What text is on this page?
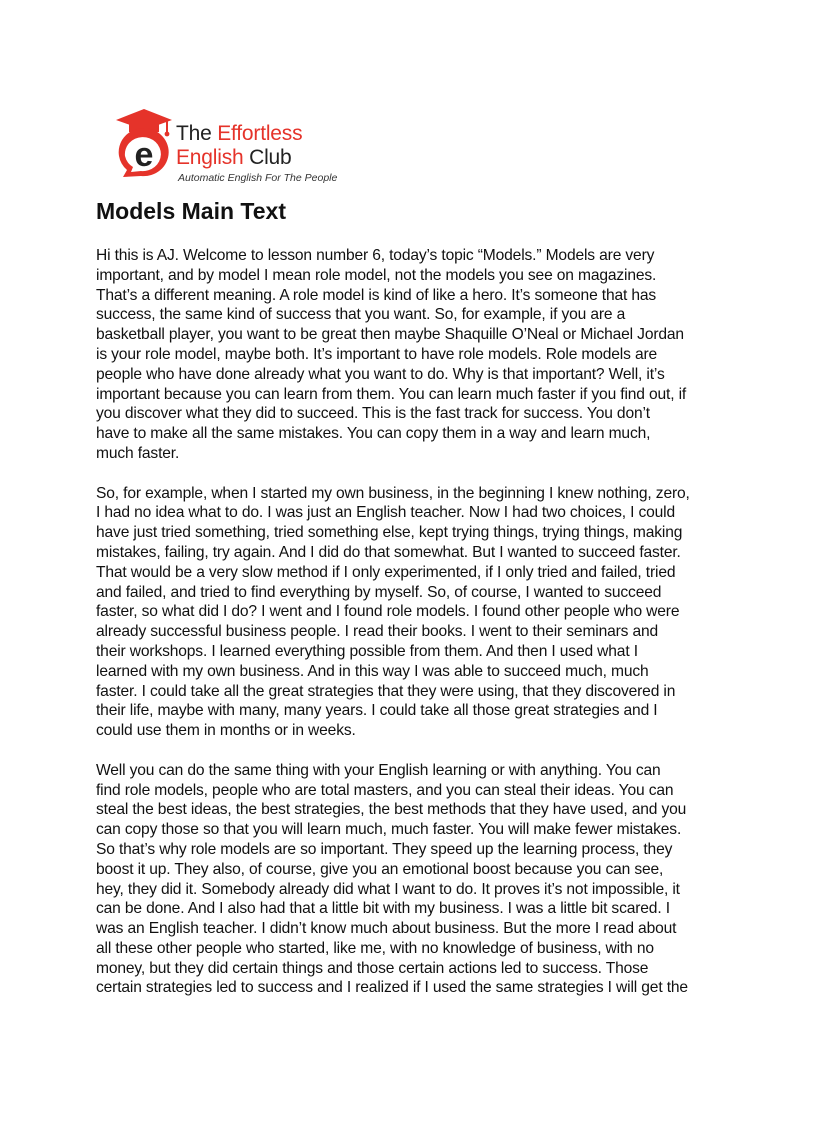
e
The Effortless
English Club
Automatic English For The People
Models Main Text

Hi this is AJ. Welcome to lesson number 6, today’s topic “Models.” Models are very
important, and by model I mean role model, not the models you see on magazines.
That’s a different meaning. A role model is kind of like a hero. It’s someone that has
success, the same kind of success that you want. So, for example, if you are a
basketball player, you want to be great then maybe Shaquille O’Neal or Michael Jordan
is your role model, maybe both. It’s important to have role models. Role models are
people who have done already what you want to do. Why is that important? Well, it’s
important because you can learn from them. You can learn much faster if you find out, if
you discover what they did to succeed. This is the fast track for success. You don’t
have to make all the same mistakes. You can copy them in a way and learn much,
much faster.

So, for example, when I started my own business, in the beginning I knew nothing, zero,
I had no idea what to do. I was just an English teacher. Now I had two choices, I could
have just tried something, tried something else, kept trying things, trying things, making
mistakes, failing, try again. And I did do that somewhat. But I wanted to succeed faster.
That would be a very slow method if I only experimented, if I only tried and failed, tried
and failed, and tried to find everything by myself. So, of course, I wanted to succeed
faster, so what did I do? I went and I found role models. I found other people who were
already successful business people. I read their books. I went to their seminars and
their workshops. I learned everything possible from them. And then I used what I
learned with my own business. And in this way I was able to succeed much, much
faster. I could take all the great strategies that they were using, that they discovered in
their life, maybe with many, many years. I could take all those great strategies and I
could use them in months or in weeks.

Well you can do the same thing with your English learning or with anything. You can
find role models, people who are total masters, and you can steal their ideas. You can
steal the best ideas, the best strategies, the best methods that they have used, and you
can copy those so that you will learn much, much faster. You will make fewer mistakes.
So that’s why role models are so important. They speed up the learning process, they
boost it up. They also, of course, give you an emotional boost because you can see,
hey, they did it. Somebody already did what I want to do. It proves it’s not impossible, it
can be done. And I also had that a little bit with my business. I was a little bit scared. I
was an English teacher. I didn’t know much about business. But the more I read about
all these other people who started, like me, with no knowledge of business, with no
money, but they did certain things and those certain actions led to success. Those
certain strategies led to success and I realized if I used the same strategies I will get the
